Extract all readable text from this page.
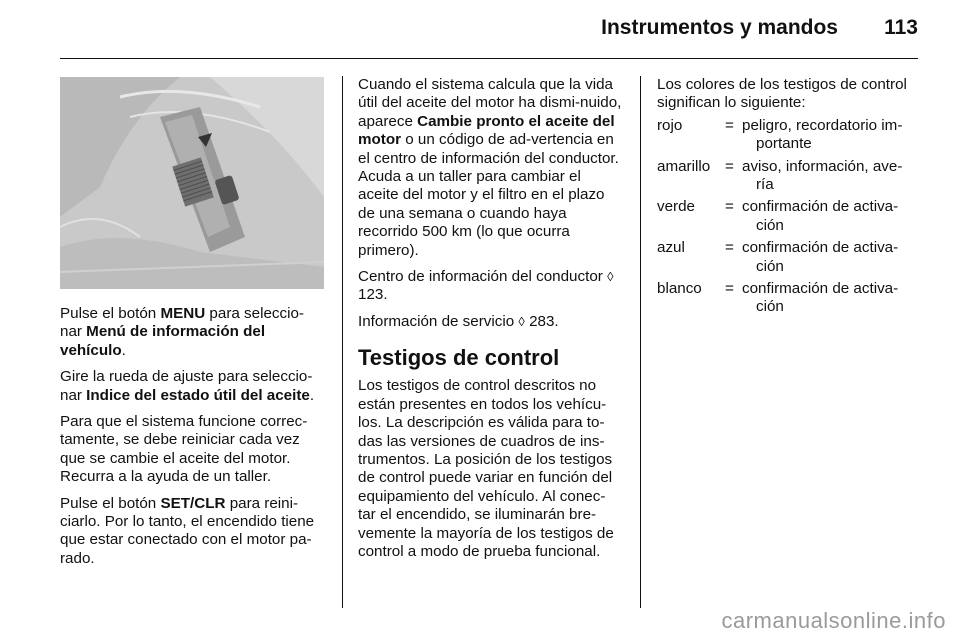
Instrumentos y mandos 113

Pulse el botón MENU para seleccio-nar Menú de información del vehículo.

Gire la rueda de ajuste para seleccio-nar Indice del estado útil del aceite.

Para que el sistema funcione correc-tamente, se debe reiniciar cada vez que se cambie el aceite del motor. Recurra a la ayuda de un taller.

Pulse el botón SET/CLR para reini-ciarlo. Por lo tanto, el encendido tiene que estar conectado con el motor pa-rado.

Cuando el sistema calcula que la vida útil del aceite del motor ha dismi-nuido, aparece Cambie pronto el aceite del motor o un código de ad-vertencia en el centro de información del conductor. Acuda a un taller para cambiar el aceite del motor y el filtro en el plazo de una semana o cuando haya recorrido 500 km (lo que ocurra primero).

Centro de información del conductor ◊ 123.

Información de servicio ◊ 283.

Testigos de control

Los testigos de control descritos no están presentes en todos los vehícu-los. La descripción es válida para to-das las versiones de cuadros de ins-trumentos. La posición de los testigos de control puede variar en función del equipamiento del vehículo. Al conec-tar el encendido, se iluminarán bre-vemente la mayoría de los testigos de control a modo de prueba funcional.

Los colores de los testigos de control significan lo siguiente:

rojo	=	peligro, recordatorio im-
portante

amarillo	=	aviso, información, ave-
ría

verde	=	confirmación de activa-
ción

azul	=	confirmación de activa-
ción

blanco	=	confirmación de activa-
ción
carmanualsonline.info
